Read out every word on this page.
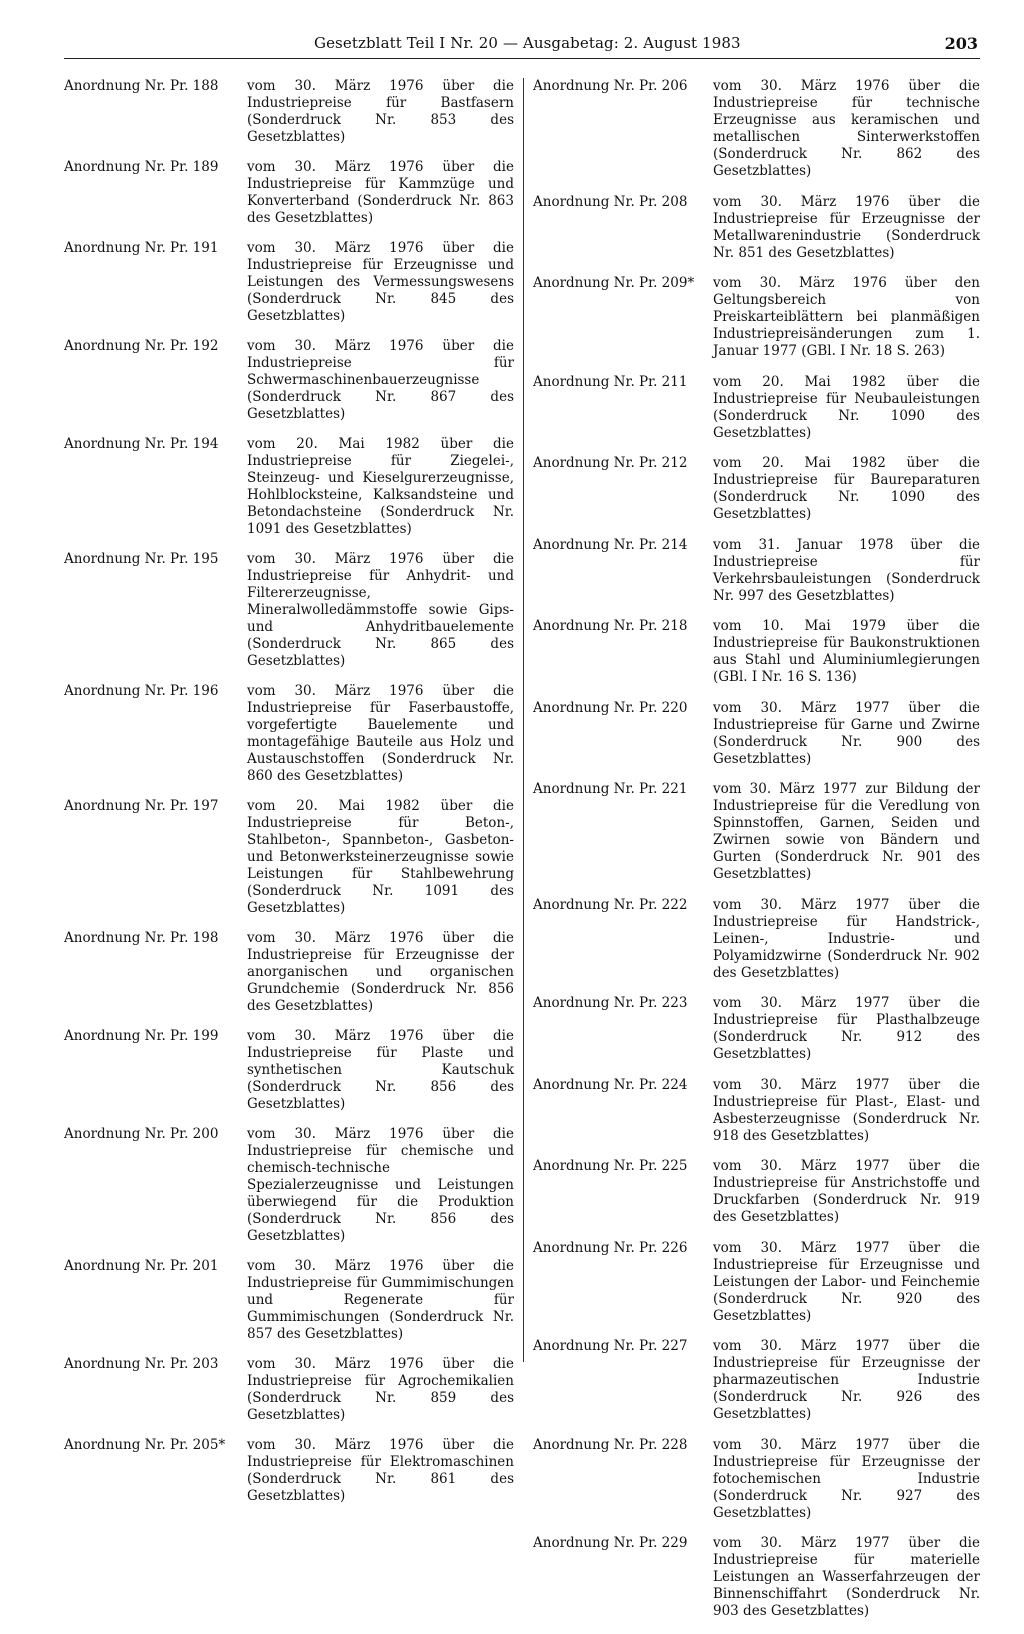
Gesetzblatt Teil I Nr. 20 — Ausgabetag: 2. August 1983	203
Anordnung Nr. Pr. 188	vom 30. März 1976 über die Industriepreise für Bastfasern (Sonderdruck Nr. 853 des Gesetzblattes)
Anordnung Nr. Pr. 189	vom 30. März 1976 über die Industriepreise für Kammzüge und Konverterband (Sonderdruck Nr. 863 des Gesetzblattes)
Anordnung Nr. Pr. 191	vom 30. März 1976 über die Industriepreise für Erzeugnisse und Leistungen des Vermessungswesens (Sonderdruck Nr. 845 des Gesetzblattes)
Anordnung Nr. Pr. 192	vom 30. März 1976 über die Industriepreise für Schwermaschinenbauerzeugnisse (Sonderdruck Nr. 867 des Gesetzblattes)
Anordnung Nr. Pr. 194	vom 20. Mai 1982 über die Industriepreise für Ziegelei-, Steinzeug- und Kieselgurerzeugnisse, Hohlblocksteine, Kalksandsteine und Betondachsteine (Sonderdruck Nr. 1091 des Gesetzblattes)
Anordnung Nr. Pr. 195	vom 30. März 1976 über die Industriepreise für Anhydrit- und Filtererzeugnisse, Mineralwolledämmstoffe sowie Gips- und Anhydritbauelemente (Sonderdruck Nr. 865 des Gesetzblattes)
Anordnung Nr. Pr. 196	vom 30. März 1976 über die Industriepreise für Faserbaustoffe, vorgefertigte Bauelemente und montagefähige Bauteile aus Holz und Austauschstoffen (Sonderdruck Nr. 860 des Gesetzblattes)
Anordnung Nr. Pr. 197	vom 20. Mai 1982 über die Industriepreise für Beton-, Stahlbeton-, Spannbeton-, Gasbeton- und Betonwerksteinerzeugnisse sowie Leistungen für Stahlbewehrung (Sonderdruck Nr. 1091 des Gesetzblattes)
Anordnung Nr. Pr. 198	vom 30. März 1976 über die Industriepreise für Erzeugnisse der anorganischen und organischen Grundchemie (Sonderdruck Nr. 856 des Gesetzblattes)
Anordnung Nr. Pr. 199	vom 30. März 1976 über die Industriepreise für Plaste und synthetischen Kautschuk (Sonderdruck Nr. 856 des Gesetzblattes)
Anordnung Nr. Pr. 200	vom 30. März 1976 über die Industriepreise für chemische und chemisch-technische Spezialerzeugnisse und Leistungen überwiegend für die Produktion (Sonderdruck Nr. 856 des Gesetzblattes)
Anordnung Nr. Pr. 201	vom 30. März 1976 über die Industriepreise für Gummimischungen und Regenerate für Gummimischungen (Sonderdruck Nr. 857 des Gesetzblattes)
Anordnung Nr. Pr. 203	vom 30. März 1976 über die Industriepreise für Agrochemikalien (Sonderdruck Nr. 859 des Gesetzblattes)
Anordnung Nr. Pr. 205*	vom 30. März 1976 über die Industriepreise für Elektromaschinen (Sonderdruck Nr. 861 des Gesetzblattes)
Anordnung Nr. Pr. 206	vom 30. März 1976 über die Industriepreise für technische Erzeugnisse aus keramischen und metallischen Sinterwerkstoffen (Sonderdruck Nr. 862 des Gesetzblattes)
Anordnung Nr. Pr. 208	vom 30. März 1976 über die Industriepreise für Erzeugnisse der Metallwarenindustrie (Sonderdruck Nr. 851 des Gesetzblattes)
Anordnung Nr. Pr. 209*	vom 30. März 1976 über den Geltungsbereich von Preiskarteiblättern bei planmäßigen Industriepreisänderungen zum 1. Januar 1977 (GBl. I Nr. 18 S. 263)
Anordnung Nr. Pr. 211	vom 20. Mai 1982 über die Industriepreise für Neubauleistungen (Sonderdruck Nr. 1090 des Gesetzblattes)
Anordnung Nr. Pr. 212	vom 20. Mai 1982 über die Industriepreise für Baureparaturen (Sonderdruck Nr. 1090 des Gesetzblattes)
Anordnung Nr. Pr. 214	vom 31. Januar 1978 über die Industriepreise für Verkehrsbauleistungen (Sonderdruck Nr. 997 des Gesetzblattes)
Anordnung Nr. Pr. 218	vom 10. Mai 1979 über die Industriepreise für Baukonstruktionen aus Stahl und Aluminiumlegierungen (GBl. I Nr. 16 S. 136)
Anordnung Nr. Pr. 220	vom 30. März 1977 über die Industriepreise für Garne und Zwirne (Sonderdruck Nr. 900 des Gesetzblattes)
Anordnung Nr. Pr. 221	vom 30. März 1977 zur Bildung der Industriepreise für die Veredlung von Spinnstoffen, Garnen, Seiden und Zwirnen sowie von Bändern und Gurten (Sonderdruck Nr. 901 des Gesetzblattes)
Anordnung Nr. Pr. 222	vom 30. März 1977 über die Industriepreise für Handstrick-, Leinen-, Industrie- und Polyamidzwirne (Sonderdruck Nr. 902 des Gesetzblattes)
Anordnung Nr. Pr. 223	vom 30. März 1977 über die Industriepreise für Plasthalbzeuge (Sonderdruck Nr. 912 des Gesetzblattes)
Anordnung Nr. Pr. 224	vom 30. März 1977 über die Industriepreise für Plast-, Elast- und Asbesterzeugnisse (Sonderdruck Nr. 918 des Gesetzblattes)
Anordnung Nr. Pr. 225	vom 30. März 1977 über die Industriepreise für Anstrichstoffe und Druckfarben (Sonderdruck Nr. 919 des Gesetzblattes)
Anordnung Nr. Pr. 226	vom 30. März 1977 über die Industriepreise für Erzeugnisse und Leistungen der Labor- und Feinchemie (Sonderdruck Nr. 920 des Gesetzblattes)
Anordnung Nr. Pr. 227	vom 30. März 1977 über die Industriepreise für Erzeugnisse der pharmazeutischen Industrie (Sonderdruck Nr. 926 des Gesetzblattes)
Anordnung Nr. Pr. 228	vom 30. März 1977 über die Industriepreise für Erzeugnisse der fotochemischen Industrie (Sonderdruck Nr. 927 des Gesetzblattes)
Anordnung Nr. Pr. 229	vom 30. März 1977 über die Industriepreise für materielle Leistungen an Wasserfahrzeugen der Binnenschiffahrt (Sonderdruck Nr. 903 des Gesetzblattes)
